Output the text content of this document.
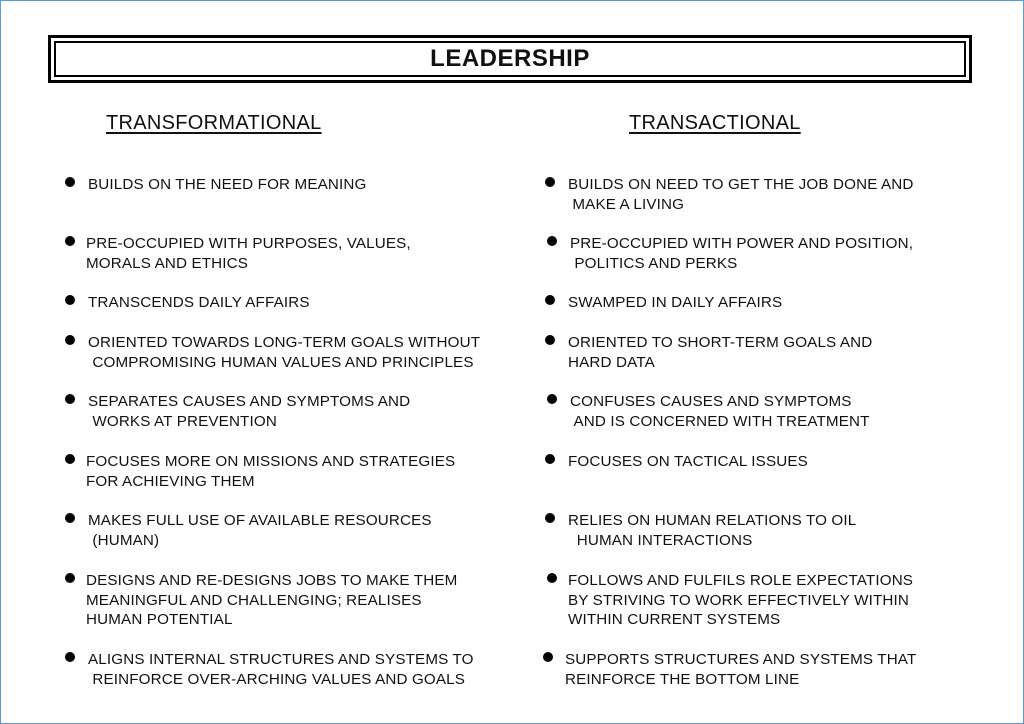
LEADERSHIP
TRANSFORMATIONAL	TRANSACTIONAL
BUILDS ON THE NEED FOR MEANING
PRE-OCCUPIED WITH PURPOSES, VALUES,
MORALS AND ETHICS
TRANSCENDS DAILY AFFAIRS
ORIENTED TOWARDS LONG-TERM GOALS WITHOUT
COMPROMISING HUMAN VALUES AND PRINCIPLES
SEPARATES CAUSES AND SYMPTOMS AND
WORKS AT PREVENTION
FOCUSES MORE ON MISSIONS AND STRATEGIES
FOR ACHIEVING THEM
MAKES FULL USE OF AVAILABLE RESOURCES
(HUMAN)
DESIGNS AND RE-DESIGNS JOBS TO MAKE THEM
MEANINGFUL AND CHALLENGING; REALISES
HUMAN POTENTIAL
ALIGNS INTERNAL STRUCTURES AND SYSTEMS TO
REINFORCE OVER-ARCHING VALUES AND GOALS
BUILDS ON NEED TO GET THE JOB DONE AND
MAKE A LIVING
PRE-OCCUPIED WITH POWER AND POSITION,
POLITICS AND PERKS
SWAMPED IN DAILY AFFAIRS
ORIENTED TO SHORT-TERM GOALS AND
HARD DATA
CONFUSES CAUSES AND SYMPTOMS
AND IS CONCERNED WITH TREATMENT
FOCUSES ON TACTICAL ISSUES
RELIES ON HUMAN RELATIONS TO OIL
HUMAN INTERACTIONS
FOLLOWS AND FULFILS ROLE EXPECTATIONS
BY STRIVING TO WORK EFFECTIVELY WITHIN
WITHIN CURRENT SYSTEMS
SUPPORTS STRUCTURES AND SYSTEMS THAT
REINFORCE THE BOTTOM LINE
